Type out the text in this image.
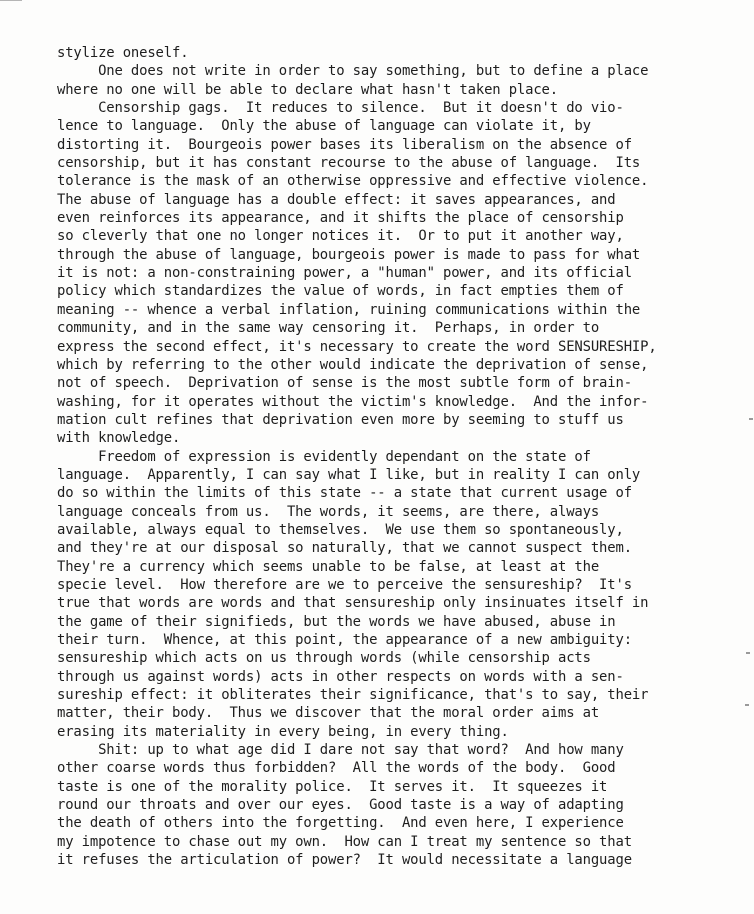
stylize oneself.
One does not write in order to say something, but to define a place
where no one will be able to declare what hasn't taken place.
Censorship gags.  It reduces to silence.  But it doesn't do vio-
lence to language.  Only the abuse of language can violate it, by
distorting it.  Bourgeois power bases its liberalism on the absence of
censorship, but it has constant recourse to the abuse of language.  Its
tolerance is the mask of an otherwise oppressive and effective violence.
The abuse of language has a double effect: it saves appearances, and
even reinforces its appearance, and it shifts the place of censorship
so cleverly that one no longer notices it.  Or to put it another way,
through the abuse of language, bourgeois power is made to pass for what
it is not: a non-constraining power, a "human" power, and its official
policy which standardizes the value of words, in fact empties them of
meaning -- whence a verbal inflation, ruining communications within the
community, and in the same way censoring it.  Perhaps, in order to
express the second effect, it's necessary to create the word SENSURESHIP,
which by referring to the other would indicate the deprivation of sense,
not of speech.  Deprivation of sense is the most subtle form of brain-
washing, for it operates without the victim's knowledge.  And the infor-
mation cult refines that deprivation even more by seeming to stuff us
with knowledge.
Freedom of expression is evidently dependant on the state of
language.  Apparently, I can say what I like, but in reality I can only
do so within the limits of this state -- a state that current usage of
language conceals from us.  The words, it seems, are there, always
available, always equal to themselves.  We use them so spontaneously,
and they're at our disposal so naturally, that we cannot suspect them.
They're a currency which seems unable to be false, at least at the
specie level.  How therefore are we to perceive the sensureship?  It's
true that words are words and that sensureship only insinuates itself in
the game of their signifieds, but the words we have abused, abuse in
their turn.  Whence, at this point, the appearance of a new ambiguity:
sensureship which acts on us through words (while censorship acts
through us against words) acts in other respects on words with a sen-
sureship effect: it obliterates their significance, that's to say, their
matter, their body.  Thus we discover that the moral order aims at
erasing its materiality in every being, in every thing.
Shit: up to what age did I dare not say that word?  And how many
other coarse words thus forbidden?  All the words of the body.  Good
taste is one of the morality police.  It serves it.  It squeezes it
round our throats and over our eyes.  Good taste is a way of adapting
the death of others into the forgetting.  And even here, I experience
my impotence to chase out my own.  How can I treat my sentence so that
it refuses the articulation of power?  It would necessitate a language
